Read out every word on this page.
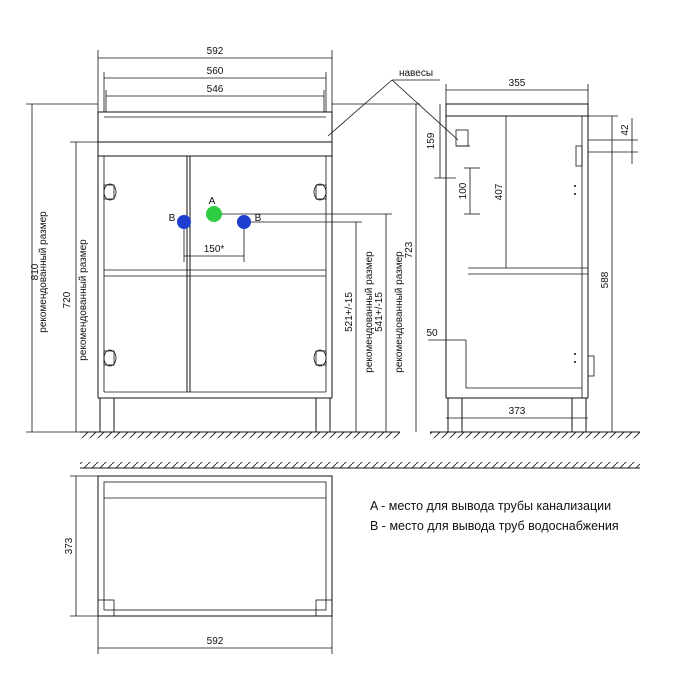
592
560
546
810
рекомендованный размер 720 рекомендованный размер	150*
521+/-15 рекомендованный размер 541+/-15 рекомендованный размер
723
A
B	B
навесы
355
159
100	407
588
42
50
373
373
592
A - место для вывода трубы канализации
B - место для вывода труб водоснабжения
